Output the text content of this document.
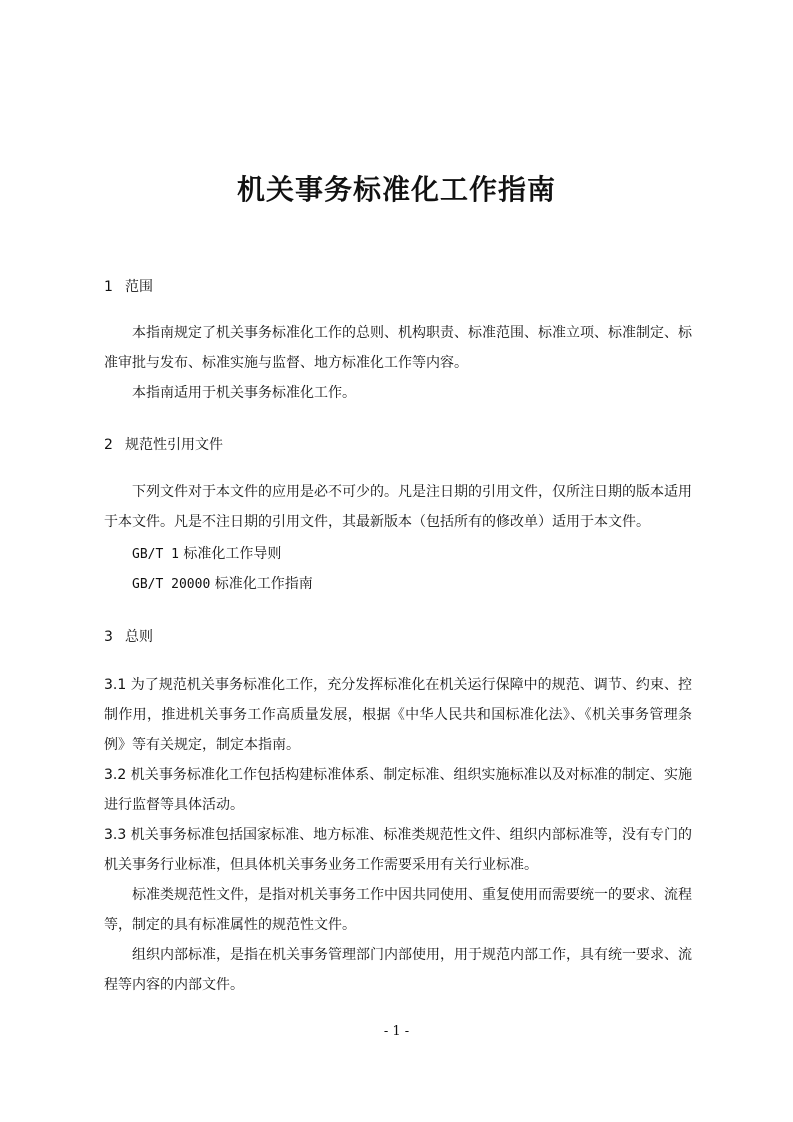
机关事务标准化工作指南
1 范围
本指南规定了机关事务标准化工作的总则、机构职责、标准范围、标准立项、标准制定、标准审批与发布、标准实施与监督、地方标准化工作等内容。
本指南适用于机关事务标准化工作。
2 规范性引用文件
下列文件对于本文件的应用是必不可少的。凡是注日期的引用文件，仅所注日期的版本适用于本文件。凡是不注日期的引用文件，其最新版本（包括所有的修改单）适用于本文件。
GB/T 1 标准化工作导则
GB/T 20000 标准化工作指南
3 总则
3.1 为了规范机关事务标准化工作，充分发挥标准化在机关运行保障中的规范、调节、约束、控制作用，推进机关事务工作高质量发展，根据《中华人民共和国标准化法》、《机关事务管理条例》等有关规定，制定本指南。
3.2 机关事务标准化工作包括构建标准体系、制定标准、组织实施标准以及对标准的制定、实施进行监督等具体活动。
3.3 机关事务标准包括国家标准、地方标准、标准类规范性文件、组织内部标准等，没有专门的机关事务行业标准，但具体机关事务业务工作需要采用有关行业标准。
标准类规范性文件，是指对机关事务工作中因共同使用、重复使用而需要统一的要求、流程等，制定的具有标准属性的规范性文件。
组织内部标准，是指在机关事务管理部门内部使用，用于规范内部工作，具有统一要求、流程等内容的内部文件。
- 1 -
